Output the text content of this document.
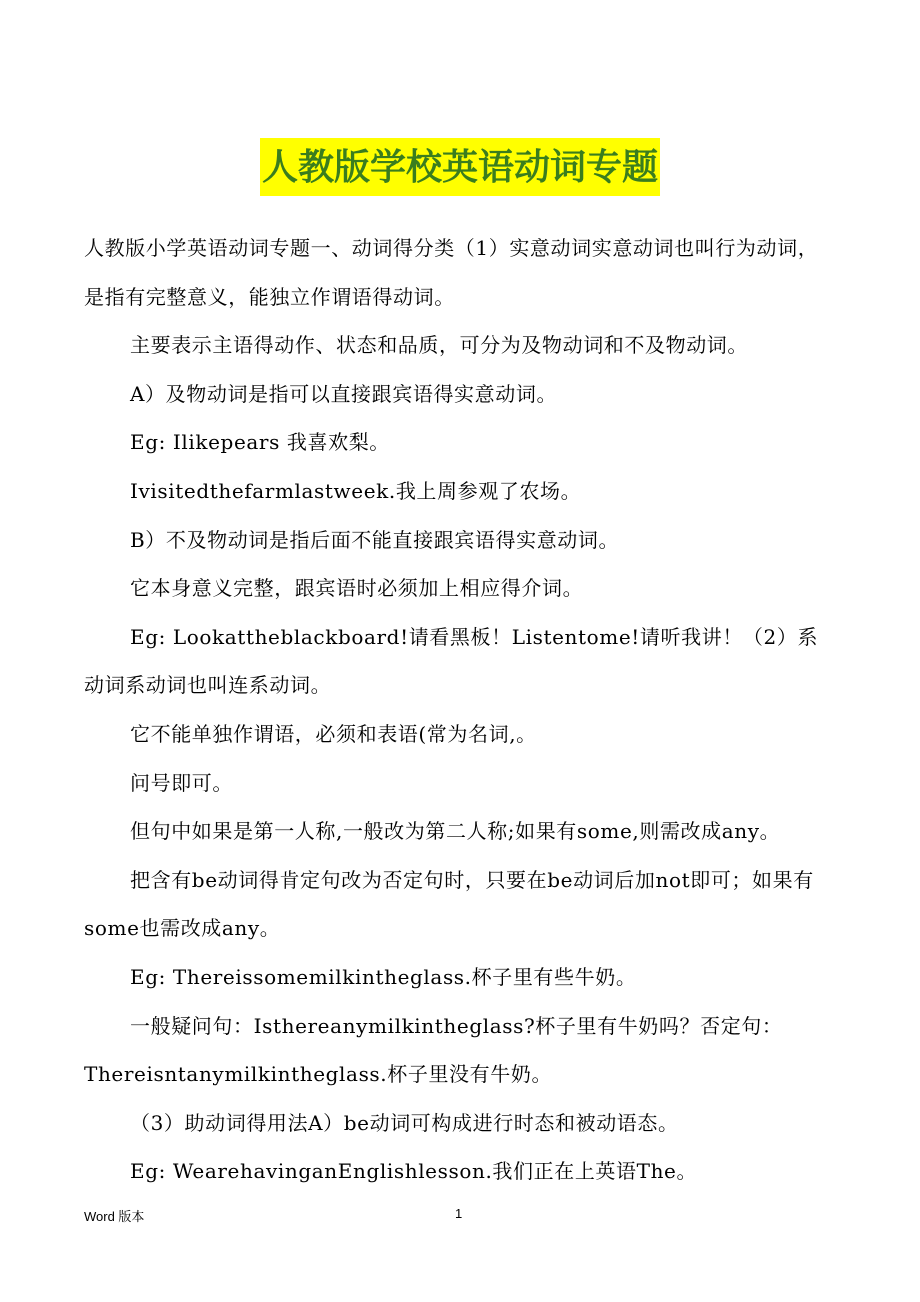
人教版学校英语动词专题

人教版小学英语动词专题一、动词得分类（1）实意动词实意动词也叫行为动词，是指有完整意义，能独立作谓语得动词。

主要表示主语得动作、状态和品质，可分为及物动词和不及物动词。

A）及物动词是指可以直接跟宾语得实意动词。

Eg: Ilikepears 我喜欢梨。

Ivisitedthefarmlastweek.我上周参观了农场。

B）不及物动词是指后面不能直接跟宾语得实意动词。

它本身意义完整，跟宾语时必须加上相应得介词。

Eg: Lookattheblackboard!请看黑板！Listentome!请听我讲！（2）系动词系动词也叫连系动词。

它不能单独作谓语，必须和表语(常为名词,。

问号即可。

但句中如果是第一人称,一般改为第二人称;如果有some,则需改成any。

把含有be动词得肯定句改为否定句时，只要在be动词后加not即可；如果有some也需改成any。

Eg: Thereissomemilkintheglass.杯子里有些牛奶。

一般疑问句：Isthereanymilkintheglass?杯子里有牛奶吗？否定句：Thereisntanymilkintheglass.杯子里没有牛奶。

（3）助动词得用法A）be动词可构成进行时态和被动语态。

Eg: WearehavinganEnglishlesson.我们正在上英语The。

Word 版本	1
